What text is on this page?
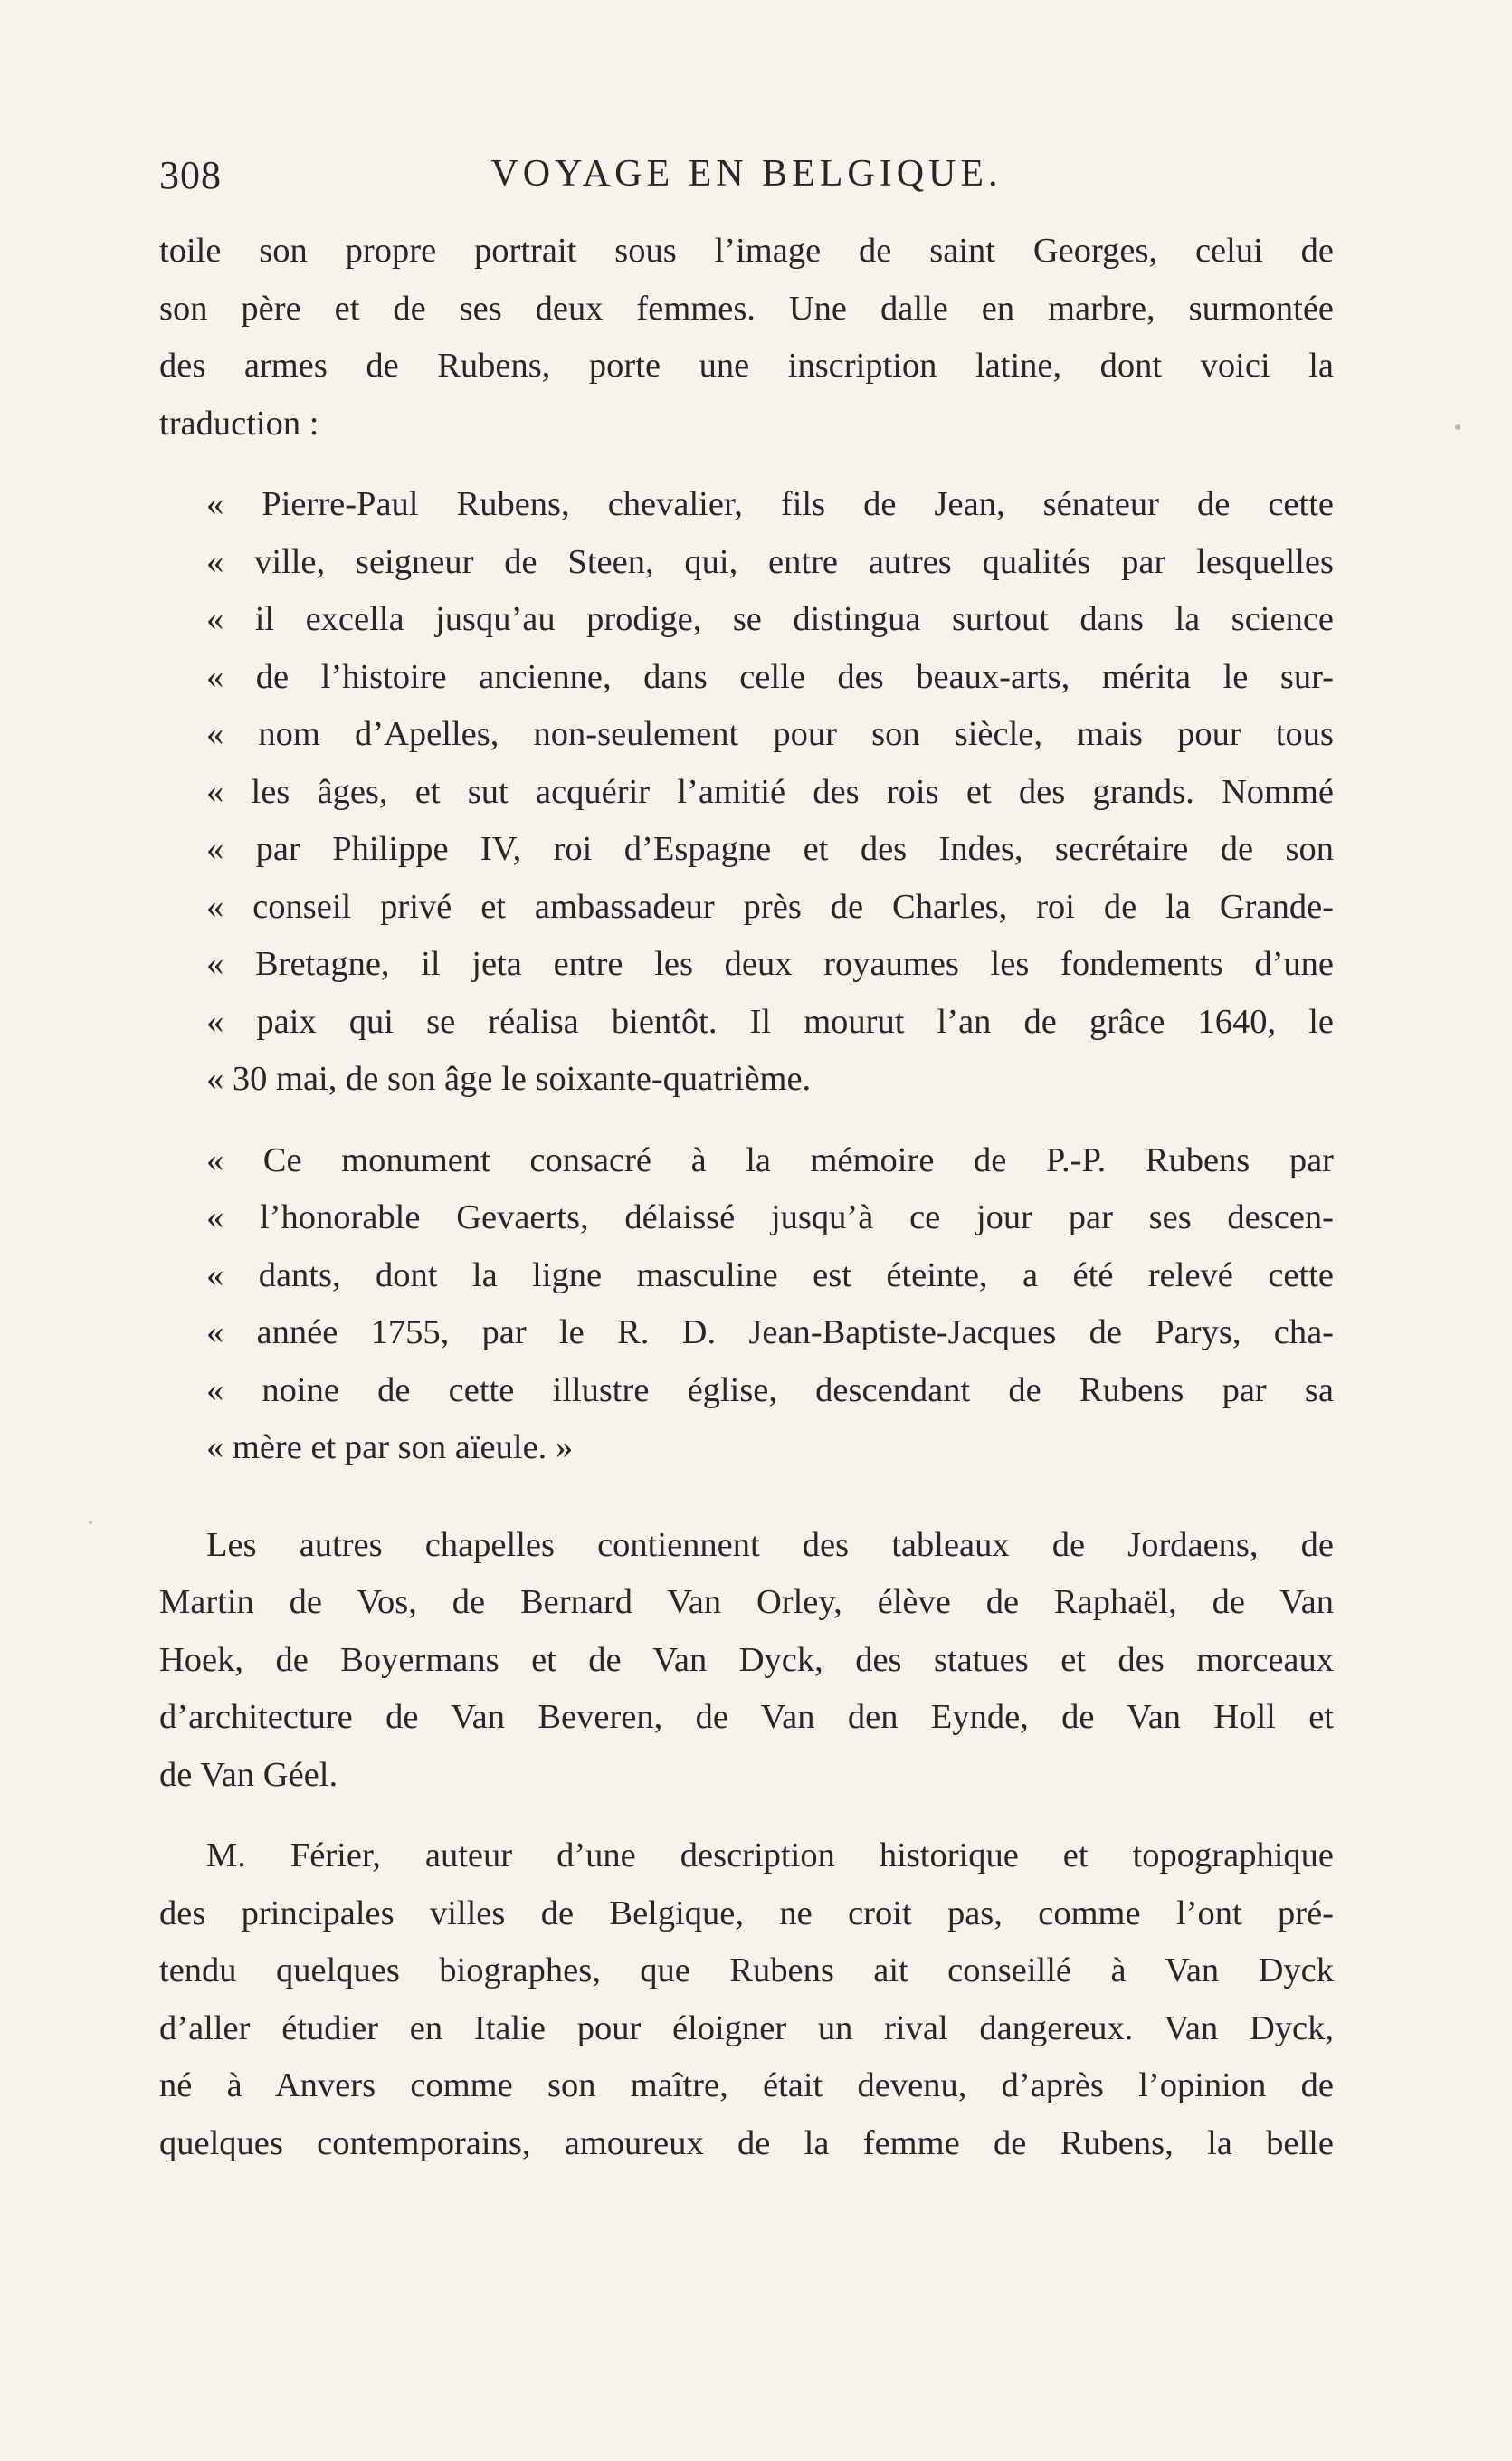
308	VOYAGE EN BELGIQUE.
toile son propre portrait sous l’image de saint Georges, celui de
son père et de ses deux femmes. Une dalle en marbre, surmontée
des armes de Rubens, porte une inscription latine, dont voici la
traduction :
« Pierre-Paul Rubens, chevalier, fils de Jean, sénateur de cette
« ville, seigneur de Steen, qui, entre autres qualités par lesquelles
« il excella jusqu’au prodige, se distingua surtout dans la science
« de l’histoire ancienne, dans celle des beaux-arts, mérita le sur-
« nom d’Apelles, non-seulement pour son siècle, mais pour tous
« les âges, et sut acquérir l’amitié des rois et des grands. Nommé
« par Philippe IV, roi d’Espagne et des Indes, secrétaire de son
« conseil privé et ambassadeur près de Charles, roi de la Grande-
« Bretagne, il jeta entre les deux royaumes les fondements d’une
« paix qui se réalisa bientôt. Il mourut l’an de grâce 1640, le
« 30 mai, de son âge le soixante-quatrième.
« Ce monument consacré à la mémoire de P.-P. Rubens par
« l’honorable Gevaerts, délaissé jusqu’à ce jour par ses descen-
« dants, dont la ligne masculine est éteinte, a été relevé cette
« année 1755, par le R. D. Jean-Baptiste-Jacques de Parys, cha-
« noine de cette illustre église, descendant de Rubens par sa
« mère et par son aïeule. »
Les autres chapelles contiennent des tableaux de Jordaens, de
Martin de Vos, de Bernard Van Orley, élève de Raphaël, de Van
Hoek, de Boyermans et de Van Dyck, des statues et des morceaux
d’architecture de Van Beveren, de Van den Eynde, de Van Holl et
de Van Géel.
M. Férier, auteur d’une description historique et topographique
des principales villes de Belgique, ne croit pas, comme l’ont pré-
tendu quelques biographes, que Rubens ait conseillé à Van Dyck
d’aller étudier en Italie pour éloigner un rival dangereux. Van Dyck,
né à Anvers comme son maître, était devenu, d’après l’opinion de
quelques contemporains, amoureux de la femme de Rubens, la belle
